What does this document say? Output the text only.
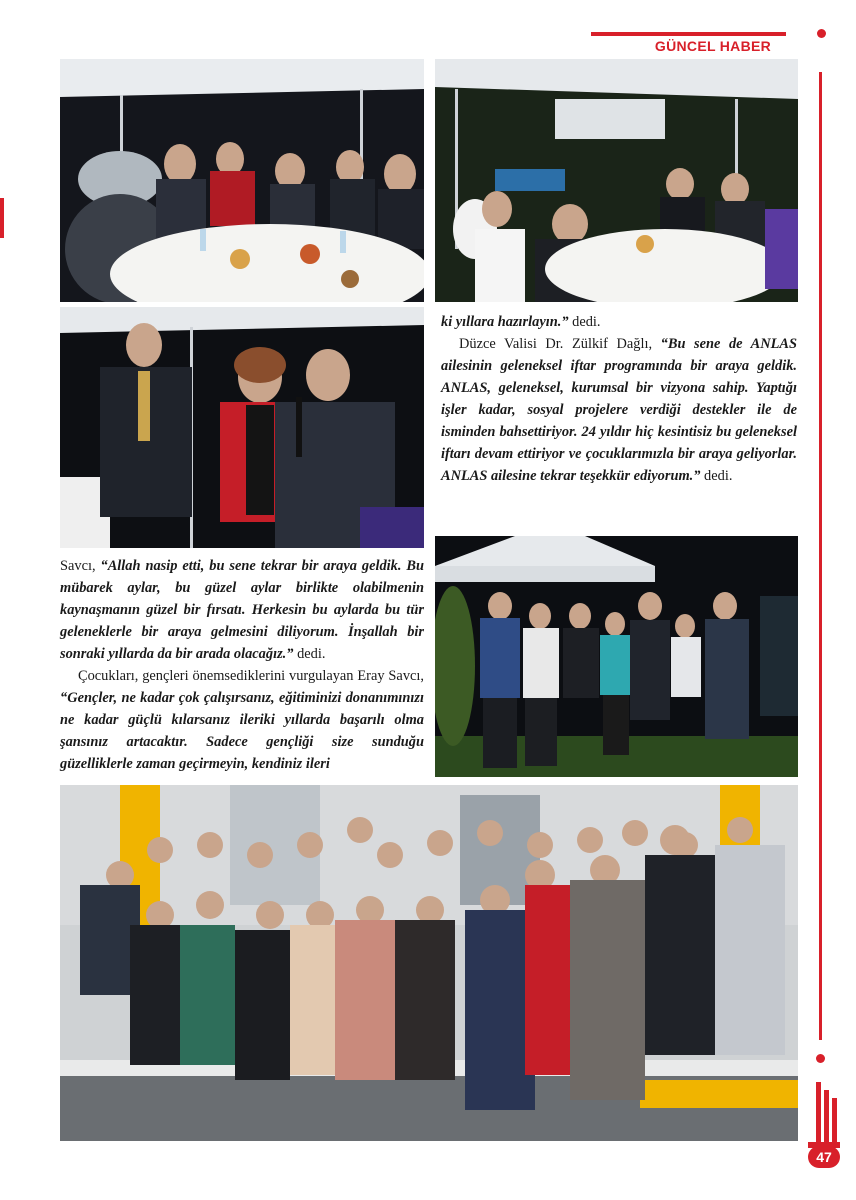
GÜNCEL HABER

ki yıllara hazırlayın.” dedi.

Düzce Valisi Dr. Zülkif Dağlı, “Bu sene de ANLAS ailesinin geleneksel iftar programında bir araya geldik. ANLAS, geleneksel, kurumsal bir vizyona sahip. Yaptığı işler kadar, sosyal projelere verdiği destekler ile de isminden bahsettiriyor. 24 yıldır hiç kesintisiz bu geleneksel iftarı devam ettiriyor ve çocuklarımızla bir araya geliyorlar. ANLAS ailesine tekrar teşekkür ediyorum.” dedi.

Savcı, “Allah nasip etti, bu sene tekrar bir araya geldik. Bu mübarek aylar, bu güzel aylar birlikte olabilmenin kaynaşmanın güzel bir fırsatı. Herkesin bu aylarda bu tür geleneklerle bir araya gelmesini diliyorum. İnşallah bir sonraki yıllarda da bir arada olacağız.” dedi.

Çocukları, gençleri önemsediklerini vurgulayan Eray Savcı, “Gençler, ne kadar çok çalışırsanız, eğitiminizi donanımınızı ne kadar güçlü kılarsanız ileriki yıllarda başarılı olma şansınız artacaktır. Sadece gençliği size sunduğu güzelliklerle zaman geçirmeyin, kendiniz ileri

47
